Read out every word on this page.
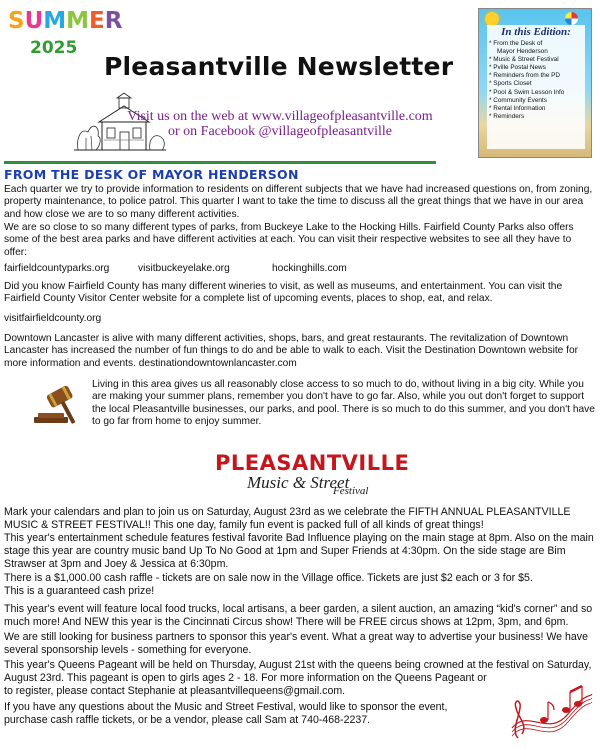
SUMMER
2025
Pleasantville Newsletter
Visit us on the web at www.villageofpleasantville.com
or on Facebook @villageofpleasantville
In this Edition:
* From the Desk of
Mayor Henderson
* Music & Street Festival
* Pville Postal News
* Reminders from the PD
* Sports Closet
* Pool & Swim Lesson Info
* Community Events
* Rental Information
* Reminders
FROM THE DESK OF MAYOR HENDERSON
Each quarter we try to provide information to residents on different subjects that we have had increased questions on, from zoning, property maintenance, to police patrol. This quarter I want to take the time to discuss all the great things that we have in our area and how close we are to so many different activities.
We are so close to so many different types of parks, from Buckeye Lake to the Hocking Hills. Fairfield County Parks also offers some of the best area parks and have different activities at each. You can visit their respective websites to see all they have to offer:
fairfieldcountyparks.org	visitbuckeyelake.org	hockinghills.com
Did you know Fairfield County has many different wineries to visit, as well as museums, and entertainment. You can visit the Fairfield County Visitor Center website for a complete list of upcoming events, places to shop, eat, and relax.
visitfairfieldcounty.org
Downtown Lancaster is alive with many different activities, shops, bars, and great restaurants. The revitalization of Downtown Lancaster has increased the number of fun things to do and be able to walk to each. Visit the Destination Downtown website for more information and events. destinationdowntownlancaster.com
Living in this area gives us all reasonably close access to so much to do, without living in a big city. While you are making your summer plans, remember you don't have to go far. Also, while you out don't forget to support the local Pleasantville businesses, our parks, and pool. There is so much to do this summer, and you don't have to go far from home to enjoy summer.
PLEASANTVILLE
Music & Street
Festival
Mark your calendars and plan to join us on Saturday, August 23rd as we celebrate the FIFTH ANNUAL PLEASANTVILLE MUSIC & STREET FESTIVAL!! This one day, family fun event is packed full of all kinds of great things!
This year's entertainment schedule features festival favorite Bad Influence playing on the main stage at 8pm. Also on the main stage this year are country music band Up To No Good at 1pm and Super Friends at 4:30pm. On the side stage are Bim Strawser at 3pm and Joey & Jessica at 6:30pm.
There is a $1,000.00 cash raffle - tickets are on sale now in the Village office. Tickets are just $2 each or 3 for $5.
This is a guaranteed cash prize!
This year's event will feature local food trucks, local artisans, a beer garden, a silent auction, an amazing “kid's corner” and so much more! And NEW this year is the Cincinnati Circus show! There will be FREE circus shows at 12pm, 3pm, and 6pm.
We are still looking for business partners to sponsor this year's event. What a great way to advertise your business! We have several sponsorship levels - something for everyone.
This year's Queens Pageant will be held on Thursday, August 21st with the queens being crowned at the festival on Saturday, August 23rd. This pageant is open to girls ages 2 - 18. For more information on the Queens Pageant or
to register, please contact Stephanie at pleasantvillequeens@gmail.com.
If you have any questions about the Music and Street Festival, would like to sponsor the event,
purchase cash raffle tickets, or be a vendor, please call Sam at 740-468-2237.
